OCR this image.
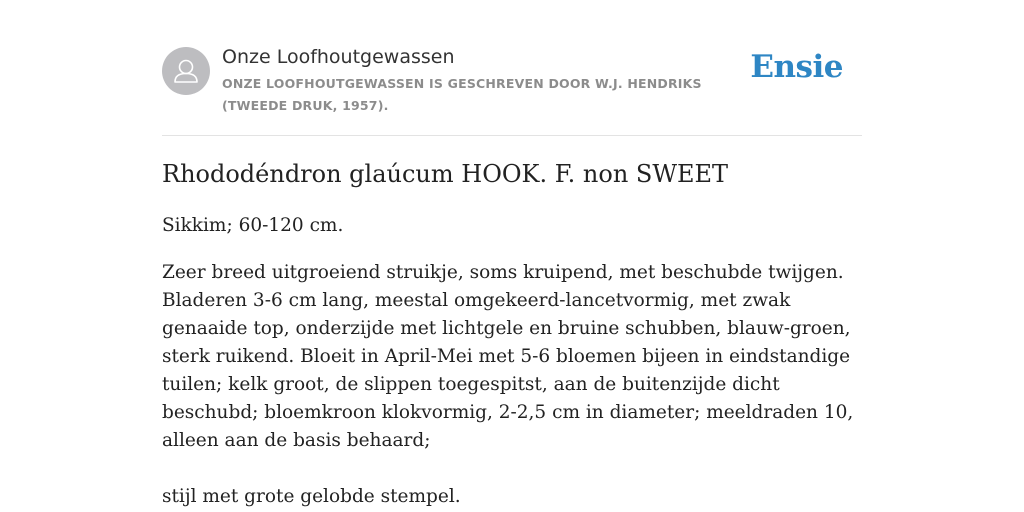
Onze Loofhoutgewassen
ONZE LOOFHOUTGEWASSEN IS GESCHREVEN DOOR W.J. HENDRIKS (TWEEDE DRUK, 1957).
Ensie
Rhododéndron glaúcum HOOK. F. non SWEET

Sikkim; 60-120 cm.

Zeer breed uitgroeiend struikje, soms kruipend, met beschubde twijgen. Bladeren 3-6 cm lang, meestal omgekeerd-lancetvormig, met zwak genaaide top, onderzijde met lichtgele en bruine schubben, blauw-groen, sterk ruikend. Bloeit in April-Mei met 5-6 bloemen bijeen in eindstandige tuilen; kelk groot, de slippen toegespitst, aan de buitenzijde dicht beschubd; bloemkroon klokvormig, 2-2,5 cm in diameter; meeldraden 10, alleen aan de basis behaard;

stijl met grote gelobde stempel.
